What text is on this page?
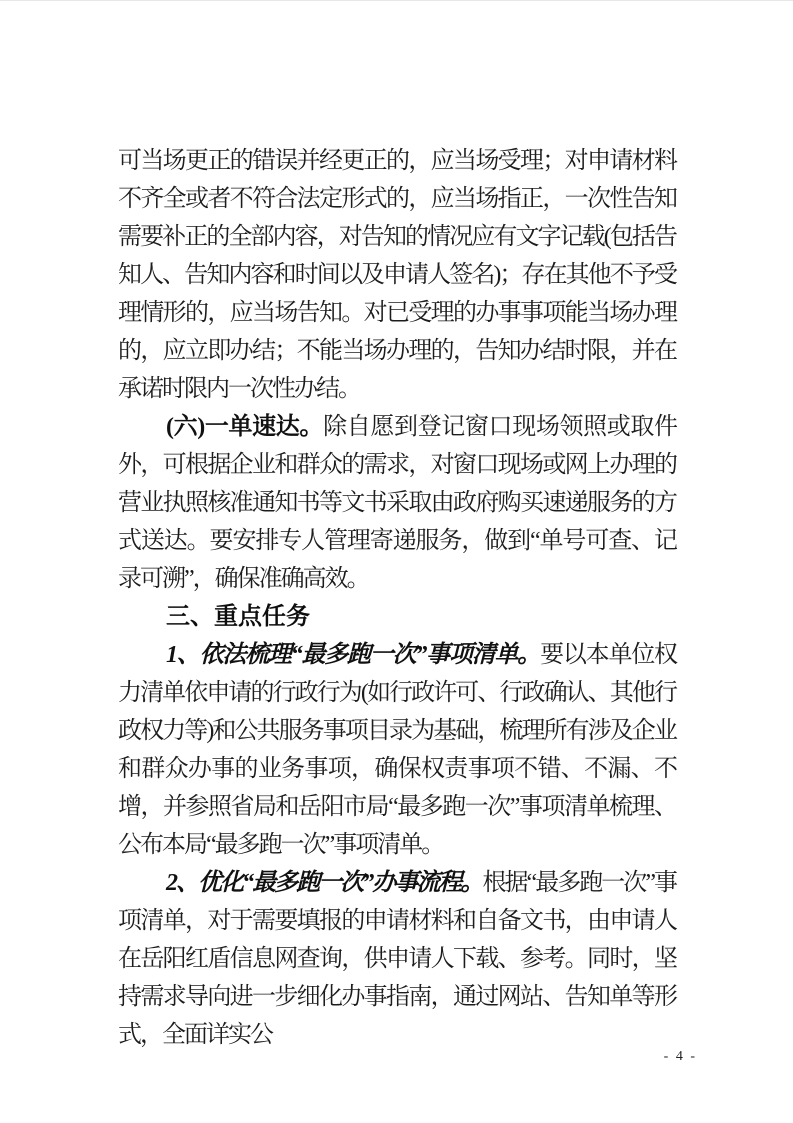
可当场更正的错误并经更正的，应当场受理；对申请材料不齐全或者不符合法定形式的，应当场指正，一次性告知需要补正的全部内容，对告知的情况应有文字记载(包括告知人、告知内容和时间以及申请人签名)；存在其他不予受理情形的，应当场告知。对已受理的办事事项能当场办理的，应立即办结；不能当场办理的，告知办结时限，并在承诺时限内一次性办结。

(六)一单速达。除自愿到登记窗口现场领照或取件外，可根据企业和群众的需求，对窗口现场或网上办理的营业执照核准通知书等文书采取由政府购买速递服务的方式送达。要安排专人管理寄递服务，做到“单号可查、记录可溯”，确保准确高效。

三、重点任务

1、依法梳理“最多跑一次”事项清单。要以本单位权力清单依申请的行政行为(如行政许可、行政确认、其他行政权力等)和公共服务事项目录为基础，梳理所有涉及企业和群众办事的业务事项，确保权责事项不错、不漏、不增，并参照省局和岳阳市局“最多跑一次”事项清单梳理、公布本局“最多跑一次”事项清单。

2、优化“最多跑一次”办事流程。根据“最多跑一次”事项清单，对于需要填报的申请材料和自备文书，由申请人在岳阳红盾信息网查询，供申请人下载、参考。同时，坚持需求导向进一步细化办事指南，通过网站、告知单等形式，全面详实公

- 4 -
